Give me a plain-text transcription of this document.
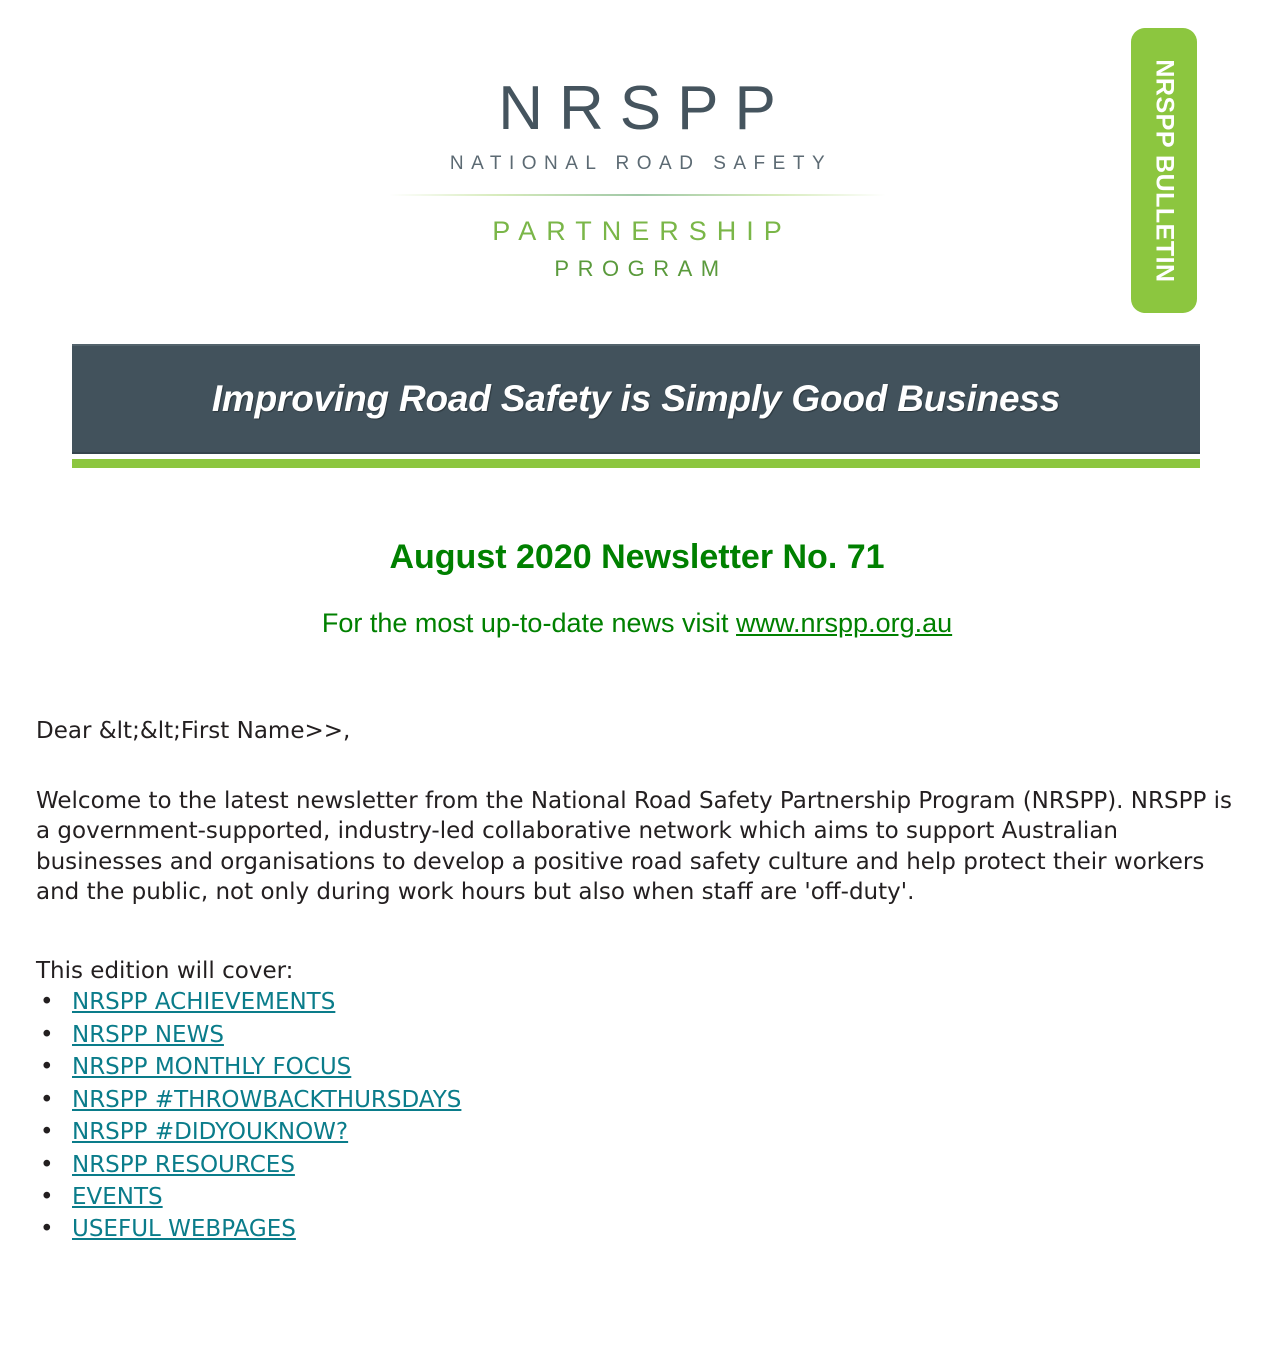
NRSPP BULLETIN
NRSPP
NATIONAL ROAD SAFETY
PARTNERSHIP
PROGRAM
Improving Road Safety is Simply Good Business
August 2020 Newsletter No. 71
For the most up-to-date news visit www.nrspp.org.au

Dear &lt;&lt;First Name>>,

Welcome to the latest newsletter from the National Road Safety Partnership Program (NRSPP). NRSPP is a government-supported, industry-led collaborative network which aims to support Australian businesses and organisations to develop a positive road safety culture and help protect their workers and the public, not only during work hours but also when staff are 'off-duty'.

This edition will cover:

• NRSPP ACHIEVEMENTS
• NRSPP NEWS
• NRSPP MONTHLY FOCUS
• NRSPP #THROWBACKTHURSDAYS
• NRSPP #DIDYOUKNOW?
• NRSPP RESOURCES
• EVENTS
• USEFUL WEBPAGES
